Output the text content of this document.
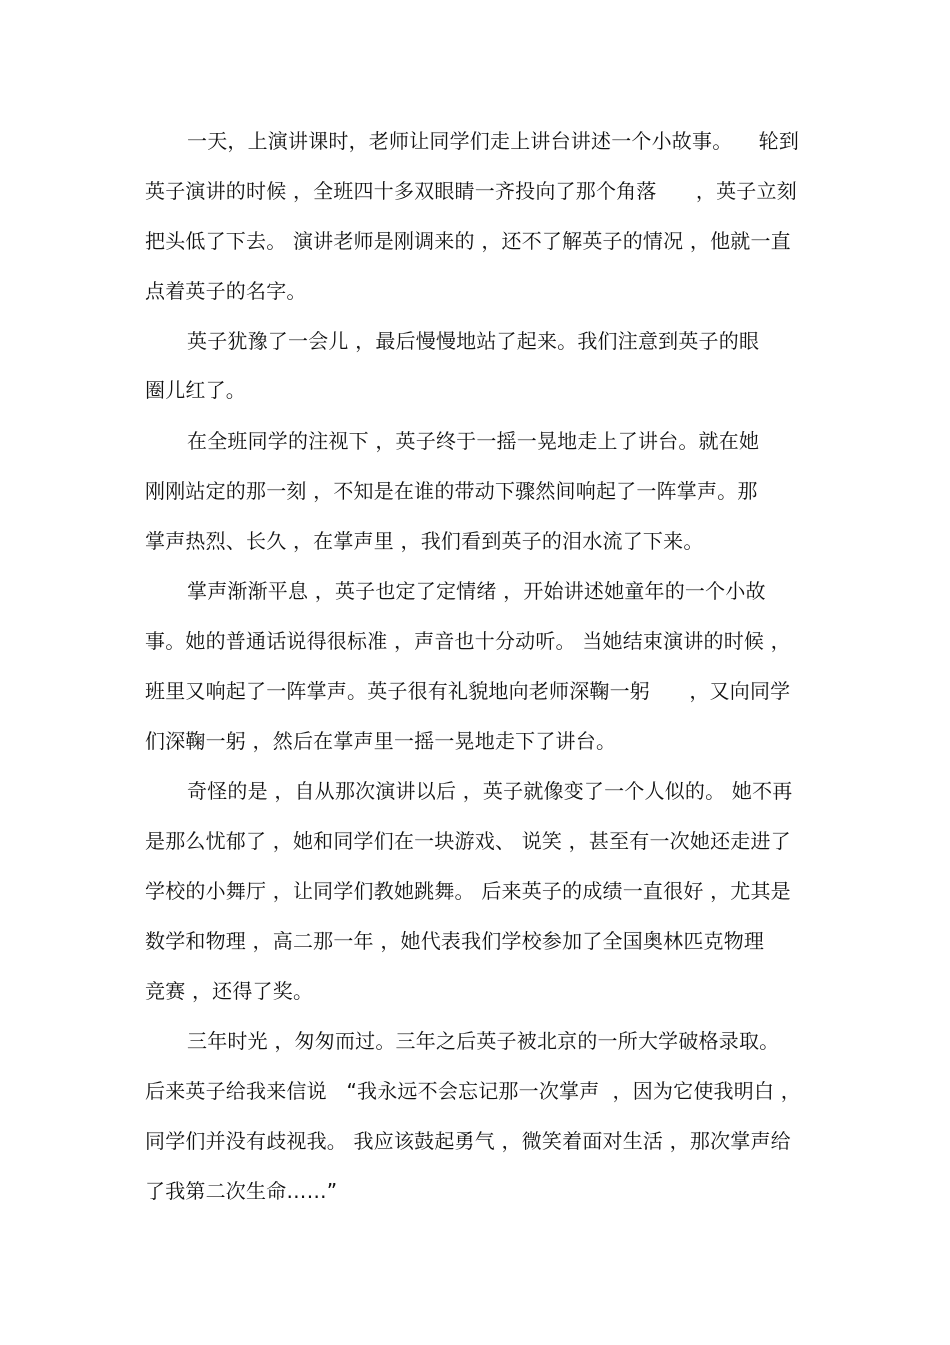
一天，上演讲课时，老师让同学们走上讲台讲述一个小故事。    轮到
英子演讲的时候 ，全班四十多双眼睛一齐投向了那个角落      ，英子立刻
把头低了下去。 演讲老师是刚调来的 ，还不了解英子的情况 ，他就一直
点着英子的名字。
英子犹豫了一会儿 ，最后慢慢地站了起来。我们注意到英子的眼
圈儿红了。
在全班同学的注视下 ，英子终于一摇一晃地走上了讲台。就在她
刚刚站定的那一刻 ，不知是在谁的带动下骤然间响起了一阵掌声。那
掌声热烈、长久 ，在掌声里 ，我们看到英子的泪水流了下来。
掌声渐渐平息 ，英子也定了定情绪 ，开始讲述她童年的一个小故
事。她的普通话说得很标准 ，声音也十分动听。 当她结束演讲的时候 ，
班里又响起了一阵掌声。英子很有礼貌地向老师深鞠一躬      ，又向同学
们深鞠一躬 ，然后在掌声里一摇一晃地走下了讲台。
奇怪的是 ，自从那次演讲以后 ，英子就像变了一个人似的。 她不再
是那么忧郁了 ，她和同学们在一块游戏、 说笑 ，甚至有一次她还走进了
学校的小舞厅 ，让同学们教她跳舞。 后来英子的成绩一直很好 ，尤其是
数学和物理 ，高二那一年 ，她代表我们学校参加了全国奥林匹克物理
竞赛 ，还得了奖。
三年时光 ，匆匆而过。三年之后英子被北京的一所大学破格录取。
后来英子给我来信说   “我永远不会忘记那一次掌声  ，因为它使我明白 ，
同学们并没有歧视我。 我应该鼓起勇气 ，微笑着面对生活 ，那次掌声给
了我第二次生命……”
